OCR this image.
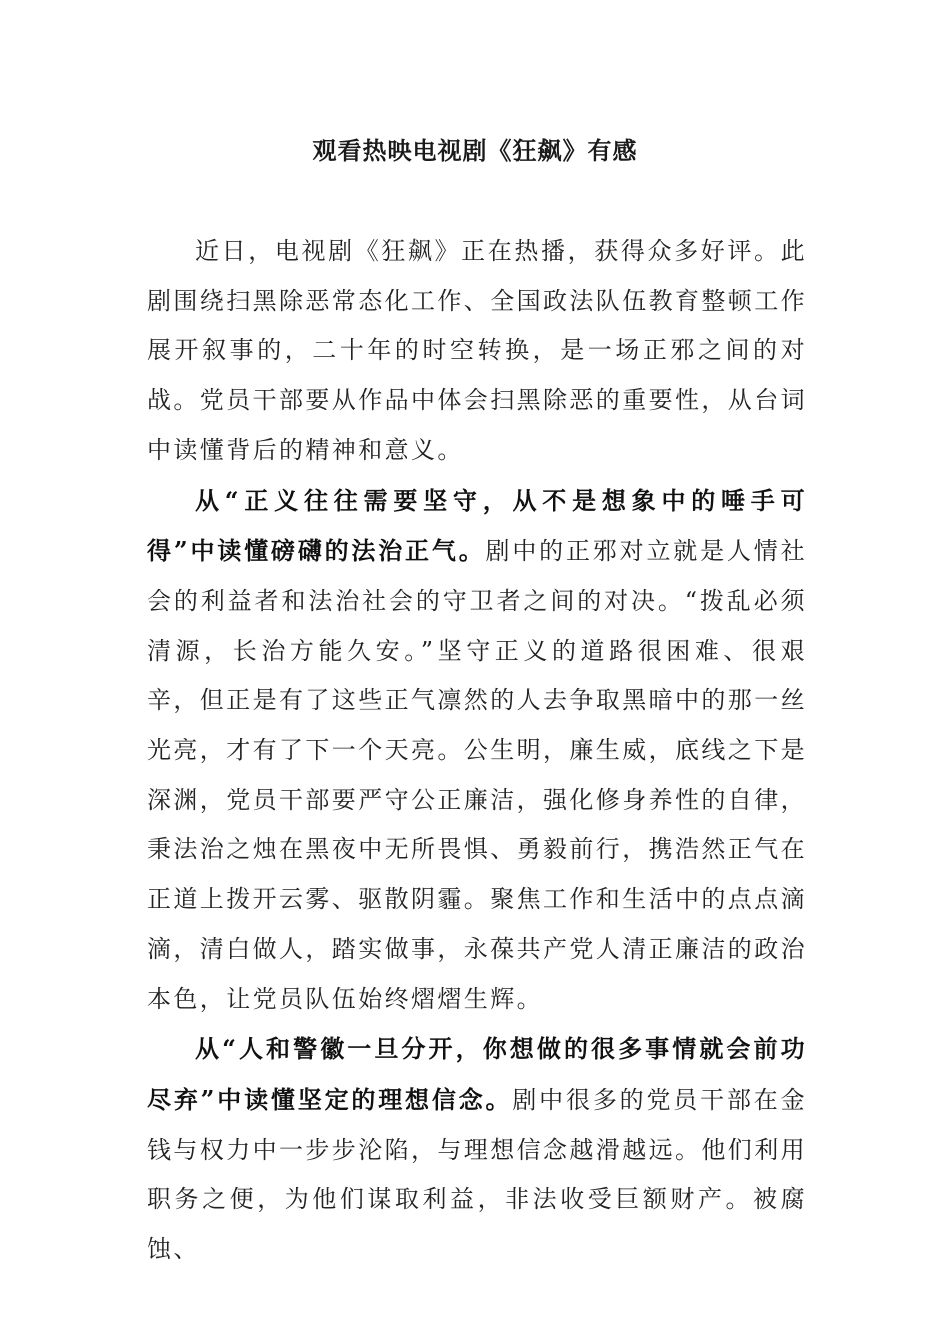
观看热映电视剧《狂飙》有感

近日，电视剧《狂飙》正在热播，获得众多好评。此剧围绕扫黑除恶常态化工作、全国政法队伍教育整顿工作展开叙事的，二十年的时空转换，是一场正邪之间的对战。党员干部要从作品中体会扫黑除恶的重要性，从台词中读懂背后的精神和意义。

从“正义往往需要坚守，从不是想象中的唾手可得”中读懂磅礴的法治正气。剧中的正邪对立就是人情社会的利益者和法治社会的守卫者之间的对决。“拨乱必须清源，长治方能久安。”坚守正义的道路很困难、很艰辛，但正是有了这些正气凛然的人去争取黑暗中的那一丝光亮，才有了下一个天亮。公生明，廉生威，底线之下是深渊，党员干部要严守公正廉洁，强化修身养性的自律，秉法治之烛在黑夜中无所畏惧、勇毅前行，携浩然正气在正道上拨开云雾、驱散阴霾。聚焦工作和生活中的点点滴滴，清白做人，踏实做事，永葆共产党人清正廉洁的政治本色，让党员队伍始终熠熠生辉。

从“人和警徽一旦分开，你想做的很多事情就会前功尽弃”中读懂坚定的理想信念。剧中很多的党员干部在金钱与权力中一步步沦陷，与理想信念越滑越远。他们利用职务之便，为他们谋取利益，非法收受巨额财产。被腐蚀、
